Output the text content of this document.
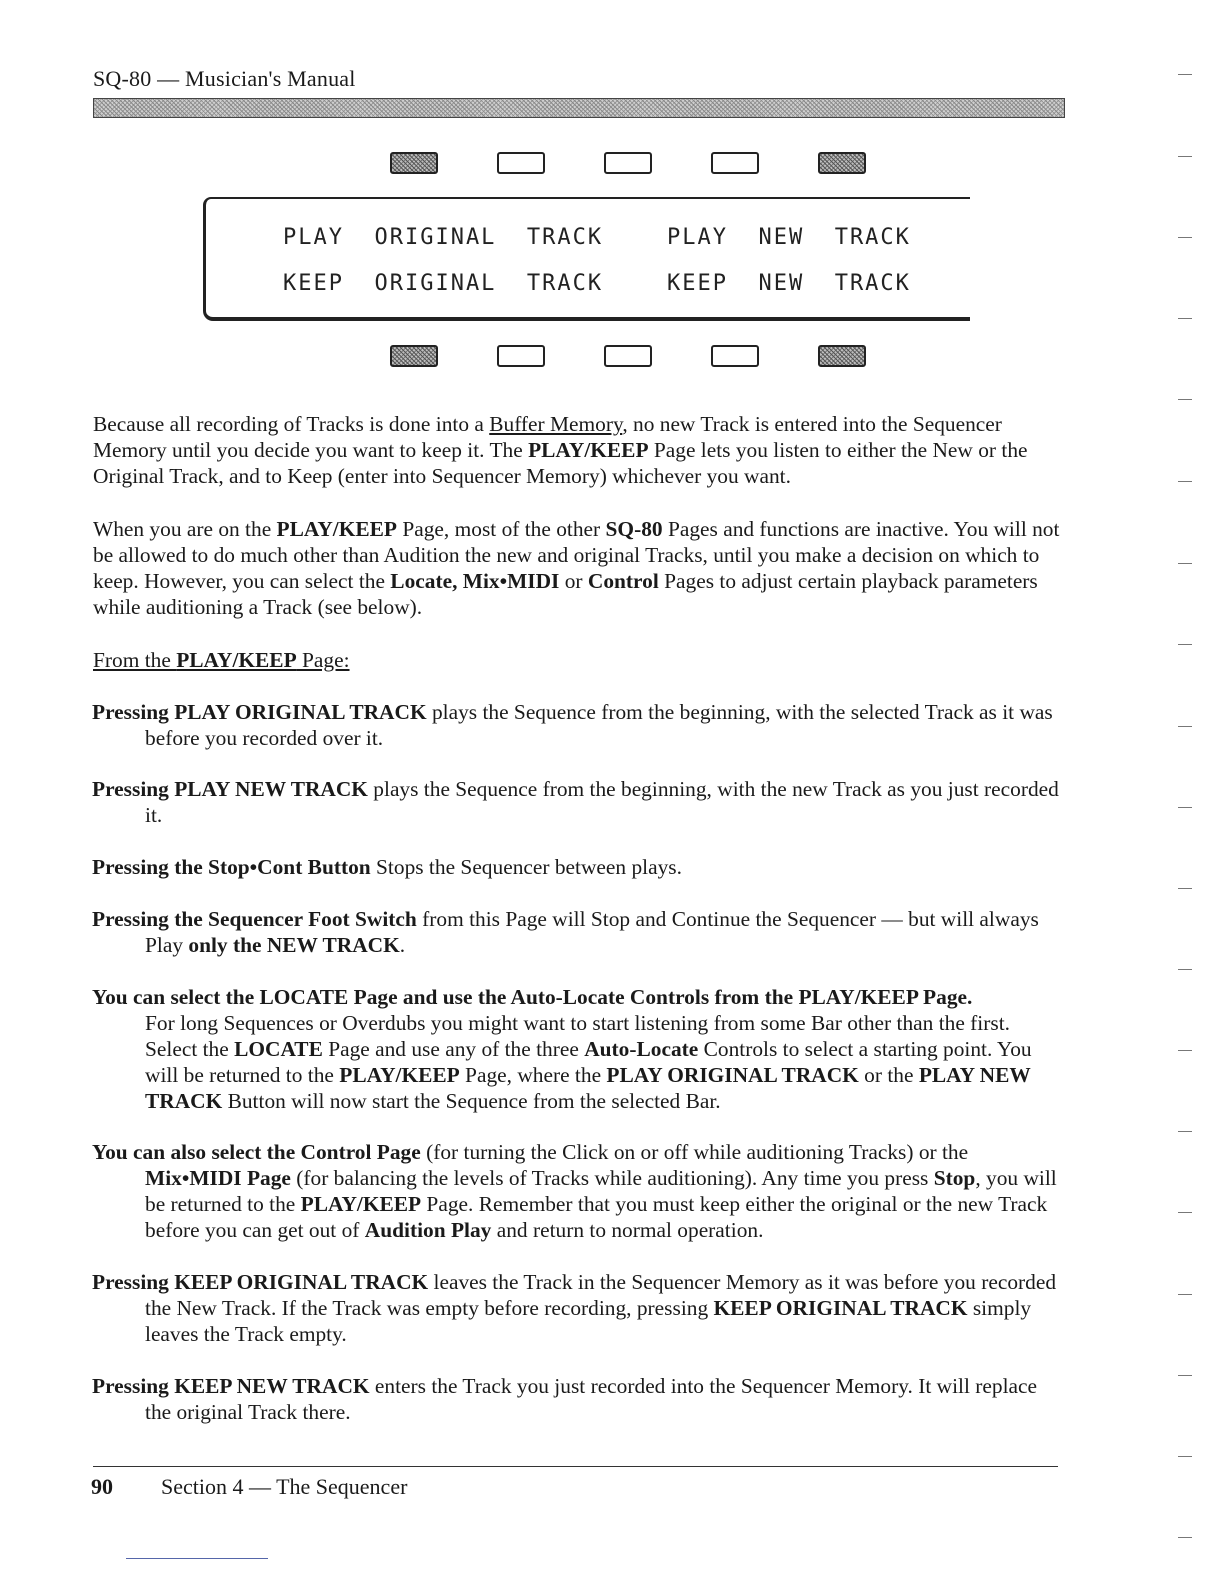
SQ-80 — Musician's Manual
PLAY  ORIGINAL  TRACK	PLAY  NEW  TRACK
KEEP  ORIGINAL  TRACK	KEEP  NEW  TRACK
Because all recording of Tracks is done into a Buffer Memory, no new Track is entered into the Sequencer Memory until you decide you want to keep it. The PLAY/KEEP Page lets you listen to either the New or the Original Track, and to Keep (enter into Sequencer Memory) whichever you want.
When you are on the PLAY/KEEP Page, most of the other SQ-80 Pages and functions are inactive. You will not be allowed to do much other than Audition the new and original Tracks, until you make a decision on which to keep. However, you can select the Locate, Mix•MIDI or Control Pages to adjust certain playback parameters while auditioning a Track (see below).
From the PLAY/KEEP Page:
Pressing PLAY ORIGINAL TRACK plays the Sequence from the beginning, with the selected Track as it was before you recorded over it.
Pressing PLAY NEW TRACK plays the Sequence from the beginning, with the new Track as you just recorded it.
Pressing the Stop•Cont Button Stops the Sequencer between plays.
Pressing the Sequencer Foot Switch from this Page will Stop and Continue the Sequencer — but will always Play only the NEW TRACK.
You can select the LOCATE Page and use the Auto-Locate Controls from the PLAY/KEEP Page.
For long Sequences or Overdubs you might want to start listening from some Bar other than the first. Select the LOCATE Page and use any of the three Auto-Locate Controls to select a starting point. You will be returned to the PLAY/KEEP Page, where the PLAY ORIGINAL TRACK or the PLAY NEW TRACK Button will now start the Sequence from the selected Bar.
You can also select the Control Page (for turning the Click on or off while auditioning Tracks) or the Mix•MIDI Page (for balancing the levels of Tracks while auditioning). Any time you press Stop, you will be returned to the PLAY/KEEP Page. Remember that you must keep either the original or the new Track before you can get out of Audition Play and return to normal operation.
Pressing KEEP ORIGINAL TRACK leaves the Track in the Sequencer Memory as it was before you recorded the New Track. If the Track was empty before recording, pressing KEEP ORIGINAL TRACK simply leaves the Track empty.
Pressing KEEP NEW TRACK enters the Track you just recorded into the Sequencer Memory. It will replace the original Track there.
90 Section 4 — The Sequencer
